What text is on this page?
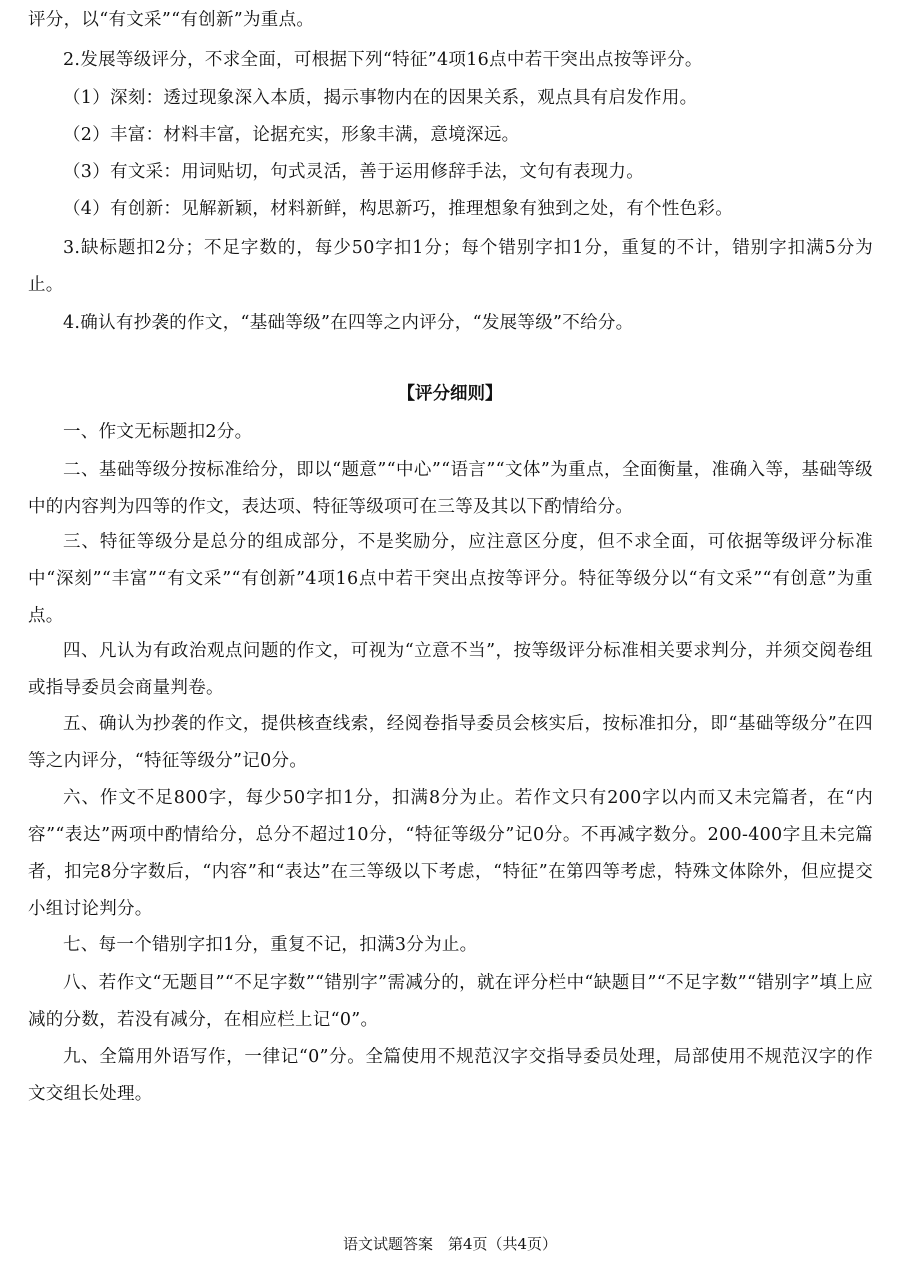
评分，以“有文采”“有创新”为重点。

2.发展等级评分，不求全面，可根据下列“特征”4项16点中若干突出点按等评分。

（1）深刻：透过现象深入本质，揭示事物内在的因果关系，观点具有启发作用。

（2）丰富：材料丰富，论据充实，形象丰满，意境深远。

（3）有文采：用词贴切，句式灵活，善于运用修辞手法，文句有表现力。

（4）有创新：见解新颖，材料新鲜，构思新巧，推理想象有独到之处，有个性色彩。

3.缺标题扣2分；不足字数的，每少50字扣1分；每个错别字扣1分，重复的不计，错别字扣满5分为止。

4.确认有抄袭的作文，“基础等级”在四等之内评分，“发展等级”不给分。

【评分细则】

一、作文无标题扣2分。

二、基础等级分按标准给分，即以“题意”“中心”“语言”“文体”为重点，全面衡量，准确入等，基础等级中的内容判为四等的作文，表达项、特征等级项可在三等及其以下酌情给分。

三、特征等级分是总分的组成部分，不是奖励分，应注意区分度，但不求全面，可依据等级评分标准中“深刻”“丰富”“有文采”“有创新”4项16点中若干突出点按等评分。特征等级分以“有文采”“有创意”为重点。

四、凡认为有政治观点问题的作文，可视为“立意不当”，按等级评分标准相关要求判分，并须交阅卷组或指导委员会商量判卷。

五、确认为抄袭的作文，提供核查线索，经阅卷指导委员会核实后，按标准扣分，即“基础等级分”在四等之内评分，“特征等级分”记0分。

六、作文不足800字，每少50字扣1分，扣满8分为止。若作文只有200字以内而又未完篇者，在“内容”“表达”两项中酌情给分，总分不超过10分，“特征等级分”记0分。不再减字数分。200-400字且未完篇者，扣完8分字数后，“内容”和“表达”在三等级以下考虑，“特征”在第四等考虑，特殊文体除外，但应提交小组讨论判分。

七、每一个错别字扣1分，重复不记，扣满3分为止。

八、若作文“无题目”“不足字数”“错别字”需减分的，就在评分栏中“缺题目”“不足字数”“错别字”填上应减的分数，若没有减分，在相应栏上记“0”。

九、全篇用外语写作，一律记“0”分。全篇使用不规范汉字交指导委员处理，局部使用不规范汉字的作文交组长处理。

语文试题答案　第4页（共4页）
